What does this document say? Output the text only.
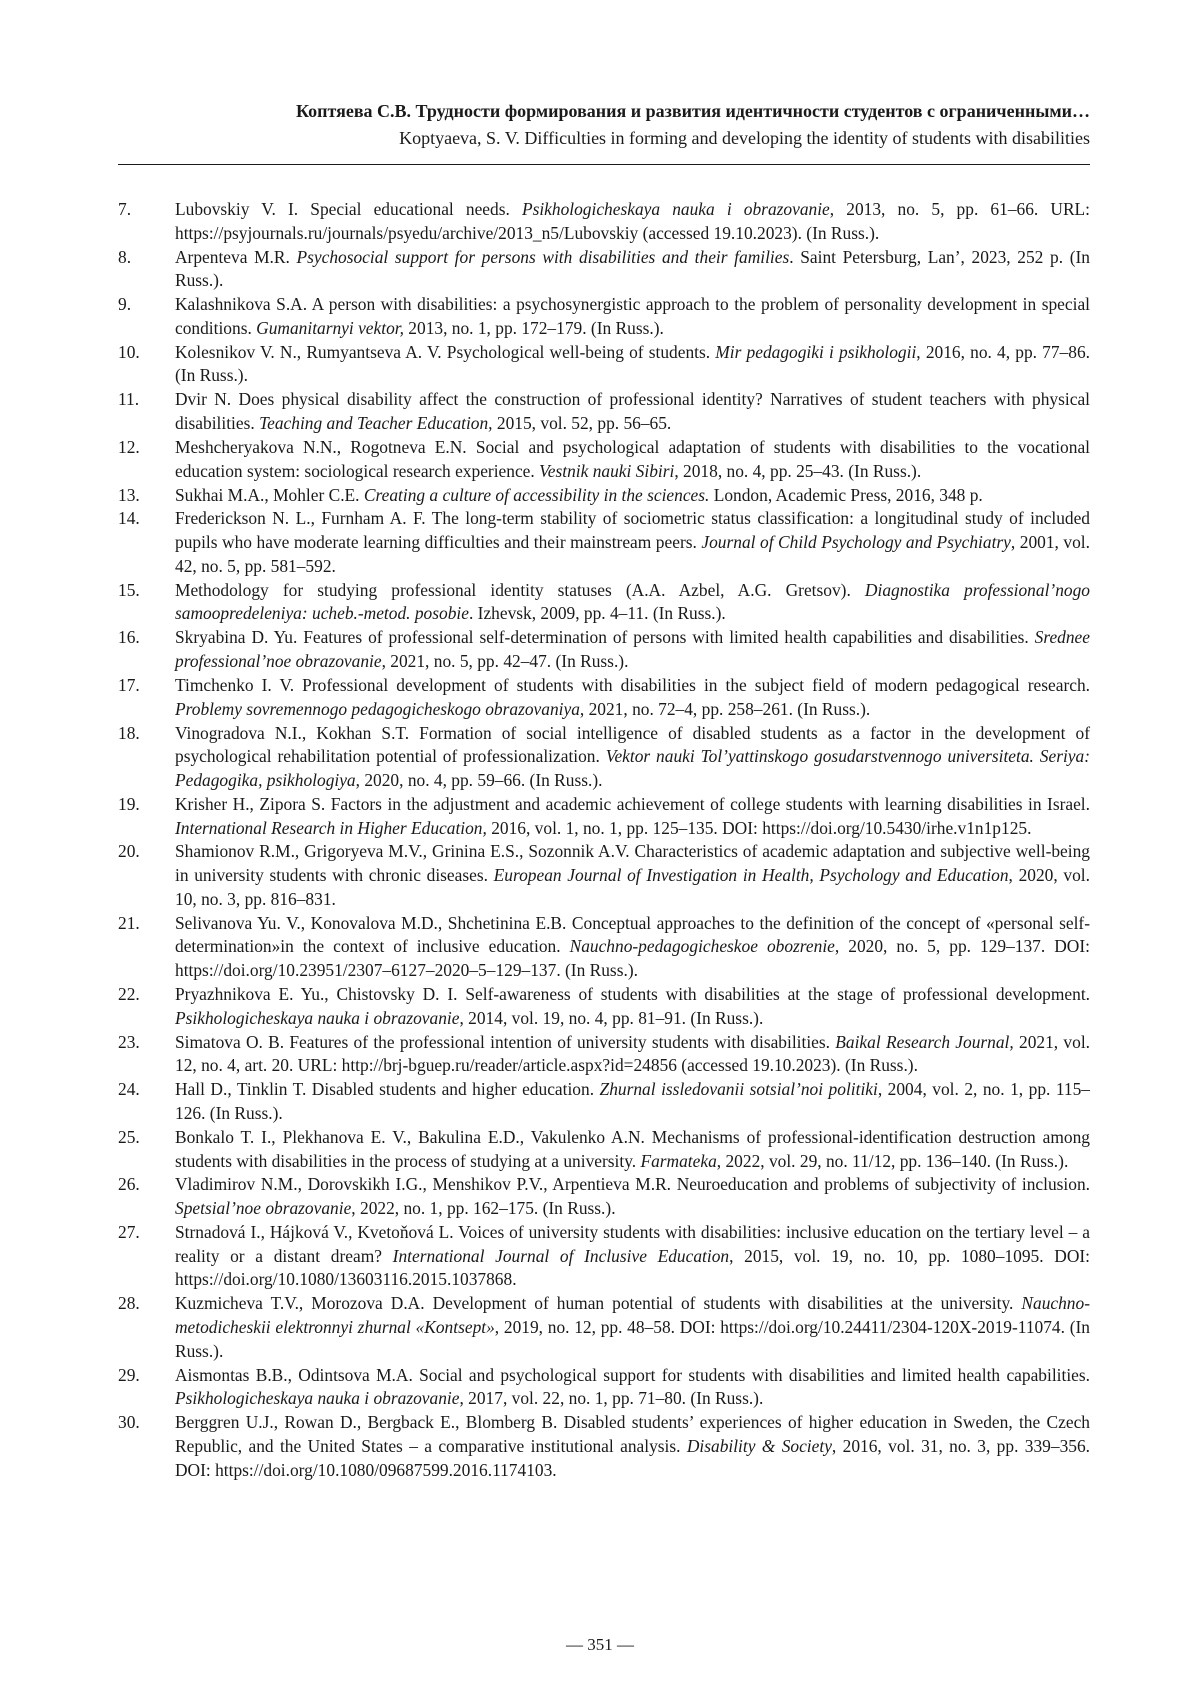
Коптяева С.В. Трудности формирования и развития идентичности студентов с ограниченными…
Koptyaeva, S. V. Difficulties in forming and developing the identity of students with disabilities
7.	Lubovskiy V. I. Special educational needs. Psikhologicheskaya nauka i obrazovanie, 2013, no. 5, pp. 61–66. URL: https://psyjournals.ru/journals/psyedu/archive/2013_n5/Lubovskiy (accessed 19.10.2023). (In Russ.).
8.	Arpenteva M.R. Psychosocial support for persons with disabilities and their families. Saint Petersburg, Lan’, 2023, 252 p. (In Russ.).
9.	Kalashnikova S.A. A person with disabilities: a psychosynergistic approach to the problem of personality development in special conditions. Gumanitarnyi vektor, 2013, no. 1, pp. 172–179. (In Russ.).
10.	Kolesnikov V. N., Rumyantseva A. V. Psychological well-being of students. Mir pedagogiki i psikhologii, 2016, no. 4, pp. 77–86. (In Russ.).
11.	Dvir N. Does physical disability affect the construction of professional identity? Narratives of student teachers with physical disabilities. Teaching and Teacher Education, 2015, vol. 52, pp. 56–65.
12.	Meshcheryakova N.N., Rogotneva E.N. Social and psychological adaptation of students with disabilities to the vocational education system: sociological research experience. Vestnik nauki Sibiri, 2018, no. 4, pp. 25–43. (In Russ.).
13.	Sukhai M.A., Mohler C.E. Creating a culture of accessibility in the sciences. London, Academic Press, 2016, 348 p.
14.	Frederickson N. L., Furnham A. F. The long-term stability of sociometric status classification: a longitudinal study of included pupils who have moderate learning difficulties and their mainstream peers. Journal of Child Psychology and Psychiatry, 2001, vol. 42, no. 5, pp. 581–592.
15.	Methodology for studying professional identity statuses (A.A. Azbel, A.G. Gretsov). Diagnostika professional’nogo samoopredeleniya: ucheb.-metod. posobie. Izhevsk, 2009, pp. 4–11. (In Russ.).
16.	Skryabina D. Yu. Features of professional self-determination of persons with limited health capabilities and disabilities. Srednee professional’noe obrazovanie, 2021, no. 5, pp. 42–47. (In Russ.).
17.	Timchenko I. V. Professional development of students with disabilities in the subject field of modern pedagogical research. Problemy sovremennogo pedagogicheskogo obrazovaniya, 2021, no. 72–4, pp. 258–261. (In Russ.).
18.	Vinogradova N.I., Kokhan S.T. Formation of social intelligence of disabled students as a factor in the development of psychological rehabilitation potential of professionalization. Vektor nauki Tol’yattinskogo gosudarstvennogo universiteta. Seriya: Pedagogika, psikhologiya, 2020, no. 4, pp. 59–66. (In Russ.).
19.	Krisher H., Zipora S. Factors in the adjustment and academic achievement of college students with learning disabilities in Israel. International Research in Higher Education, 2016, vol. 1, no. 1, pp. 125–135. DOI: https://doi.org/10.5430/irhe.v1n1p125.
20.	Shamionov R.M., Grigoryeva M.V., Grinina E.S., Sozonnik A.V. Characteristics of academic adaptation and subjective well-being in university students with chronic diseases. European Journal of Investigation in Health, Psychology and Education, 2020, vol. 10, no. 3, pp. 816–831.
21.	Selivanova Yu. V., Konovalova M.D., Shchetinina E.B. Conceptual approaches to the definition of the concept of «personal self-determination»in the context of inclusive education. Nauchno-pedagogicheskoe obozrenie, 2020, no. 5, pp. 129–137. DOI: https://doi.org/10.23951/2307–6127–2020–5–129–137. (In Russ.).
22.	Pryazhnikova E. Yu., Chistovsky D. I. Self-awareness of students with disabilities at the stage of professional development. Psikhologicheskaya nauka i obrazovanie, 2014, vol. 19, no. 4, pp. 81–91. (In Russ.).
23.	Simatova O. B. Features of the professional intention of university students with disabilities. Baikal Research Journal, 2021, vol. 12, no. 4, art. 20. URL: http://brj-bguep.ru/reader/article.aspx?id=24856 (accessed 19.10.2023). (In Russ.).
24.	Hall D., Tinklin T. Disabled students and higher education. Zhurnal issledovanii sotsial’noi politiki, 2004, vol. 2, no. 1, pp. 115–126. (In Russ.).
25.	Bonkalo T. I., Plekhanova E. V., Bakulina E.D., Vakulenko A.N. Mechanisms of professional-identification destruction among students with disabilities in the process of studying at a university. Farmateka, 2022, vol. 29, no. 11/12, pp. 136–140. (In Russ.).
26.	Vladimirov N.M., Dorovskikh I.G., Menshikov P.V., Arpentieva M.R. Neuroeducation and problems of subjectivity of inclusion. Spetsial’noe obrazovanie, 2022, no. 1, pp. 162–175. (In Russ.).
27.	Strnadová I., Hájková V., Kvetoňová L. Voices of university students with disabilities: inclusive education on the tertiary level – a reality or a distant dream? International Journal of Inclusive Education, 2015, vol. 19, no. 10, pp. 1080–1095. DOI: https://doi.org/10.1080/13603116.2015.1037868.
28.	Kuzmicheva T.V., Morozova D.A. Development of human potential of students with disabilities at the university. Nauchno-metodicheskii elektronnyi zhurnal «Kontsept», 2019, no. 12, pp. 48–58. DOI: https://doi.org/10.24411/2304-120X-2019-11074. (In Russ.).
29.	Aismontas B.B., Odintsova M.A. Social and psychological support for students with disabilities and limited health capabilities. Psikhologicheskaya nauka i obrazovanie, 2017, vol. 22, no. 1, pp. 71–80. (In Russ.).
30.	Berggren U.J., Rowan D., Bergback E., Blomberg B. Disabled students’ experiences of higher education in Sweden, the Czech Republic, and the United States – a comparative institutional analysis. Disability & Society, 2016, vol. 31, no. 3, pp. 339–356. DOI: https://doi.org/10.1080/09687599.2016.1174103.
— 351 —
